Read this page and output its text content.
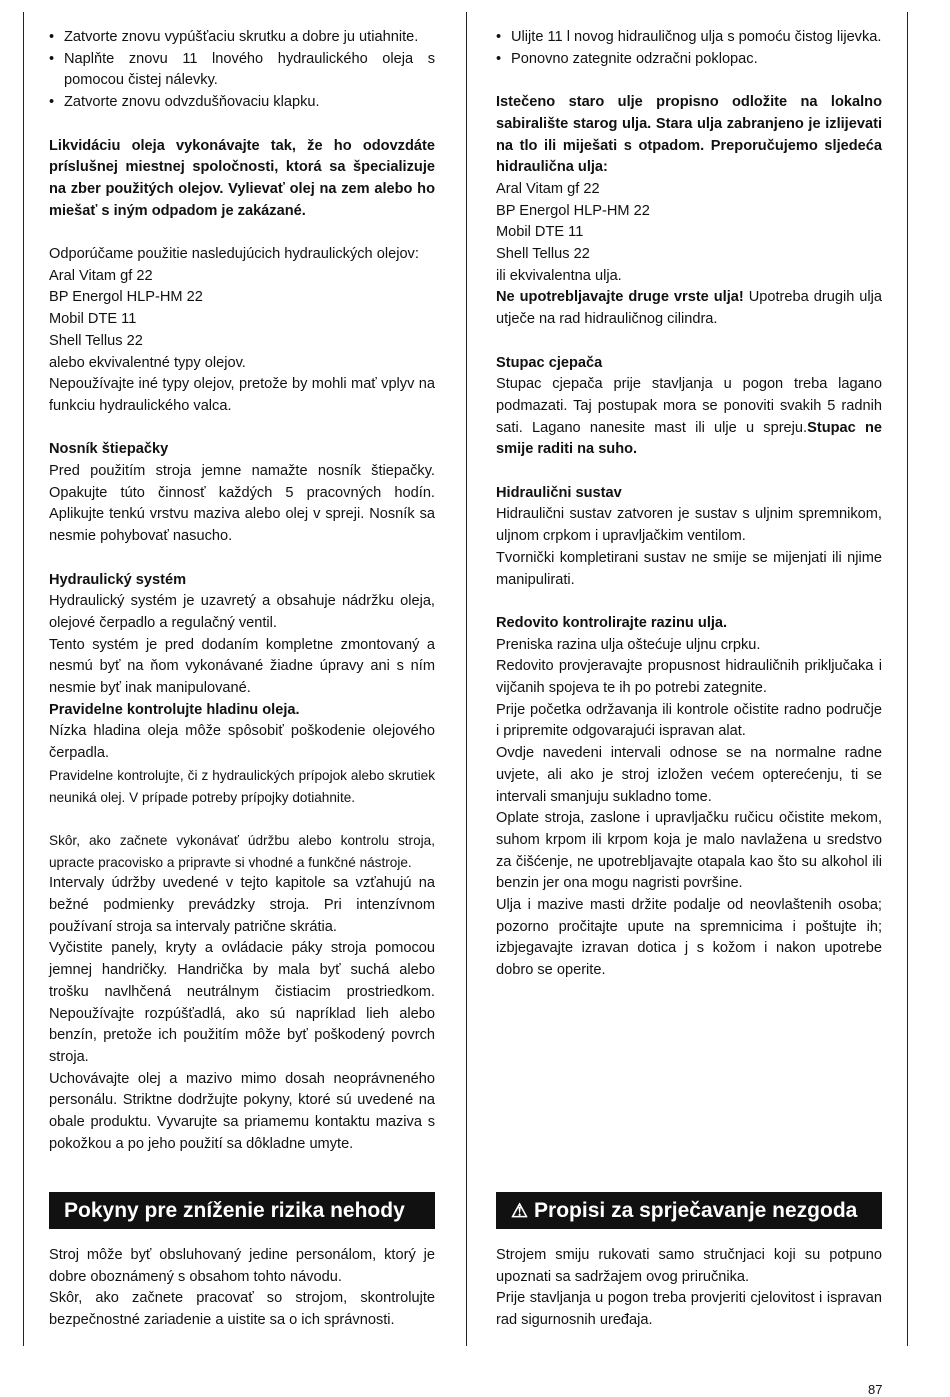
• Zatvorte znovu vypúšťaciu skrutku a dobre ju utiahnite.
• Naplňte znovu 11 lnového hydraulického oleja s pomocou čistej nálevky.
• Zatvorte znovu odvzdušňovaciu klapku.

Likvidáciu oleja vykonávajte tak, že ho odovzdáte príslušnej miestnej spoločnosti, ktorá sa špecializuje na zber použitých olejov. Vylievať olej na zem alebo ho miešať s iným odpadom je zakázané.

Odporúčame použitie nasledujúcich hydraulických olejov:

Aral Vitam gf 22

BP Energol HLP-HM 22

Mobil DTE 11

Shell Tellus 22

alebo ekvivalentné typy olejov.

Nepoužívajte iné typy olejov, pretože by mohli mať vplyv na funkciu hydraulického valca.

Nosník štiepačky

Pred použitím stroja jemne namažte nosník štiepačky. Opakujte túto činnosť každých 5 pracovných hodín. Aplikujte tenkú vrstvu maziva alebo olej v spreji. Nosník sa nesmie pohybovať nasucho.

Hydraulický systém

Hydraulický systém je uzavretý a obsahuje nádržku oleja, olejové čerpadlo a regulačný ventil.

Tento systém je pred dodaním kompletne zmontovaný a nesmú byť na ňom vykonávané žiadne úpravy ani s ním nesmie byť inak manipulované.

Pravidelne kontrolujte hladinu oleja.

Nízka hladina oleja môže spôsobiť poškodenie olejového čerpadla.

Pravidelne kontrolujte, či z hydraulických prípojok alebo skrutiek neuniká olej. V prípade potreby prípojky dotiahnite.

Skôr, ako začnete vykonávať údržbu alebo kontrolu stroja, upracte pracovisko a pripravte si vhodné a funkčné nástroje.

Intervaly údržby uvedené v tejto kapitole sa vzťahujú na bežné podmienky prevádzky stroja. Pri intenzívnom používaní stroja sa intervaly patrične skrátia.

Vyčistite panely, kryty a ovládacie páky stroja pomocou jemnej handričky. Handrička by mala byť suchá alebo trošku navlhčená neutrálnym čistiacim prostriedkom. Nepoužívajte rozpúšťadlá, ako sú napríklad lieh alebo benzín, pretože ich použitím môže byť poškodený povrch stroja.

Uchovávajte olej a mazivo mimo dosah neoprávneného personálu. Striktne dodržujte pokyny, ktoré sú uvedené na obale produktu. Vyvarujte sa priamemu kontaktu maziva s pokožkou a po jeho použití sa dôkladne umyte.

Pokyny pre zníženie rizika nehody

Stroj môže byť obsluhovaný jedine personálom, ktorý je dobre oboznámený s obsahom tohto návodu.

Skôr, ako začnete pracovať so strojom, skontrolujte bezpečnostné zariadenie a uistite sa o ich správnosti.

• Ulijte 11 l novog hidrauličnog ulja s pomoću čistog lijevka.
• Ponovno zategnite odzračni poklopac.

Istečeno staro ulje propisno odložite na lokalno sabiralište starog ulja. Stara ulja zabranjeno je izlijevati na tlo ili miješati s otpadom. Preporučujemo sljedeća hidraulična ulja:

Aral Vitam gf 22

BP Energol HLP-HM 22

Mobil DTE 11

Shell Tellus 22

ili ekvivalentna ulja.

Ne upotrebljavajte druge vrste ulja! Upotreba drugih ulja utječe na rad hidrauličnog cilindra.

Stupac cjepača

Stupac cjepača prije stavljanja u pogon treba lagano podmazati. Taj postupak mora se ponoviti svakih 5 radnih sati. Lagano nanesite mast ili ulje u spreju.Stupac ne smije raditi na suho.

Hidraulični sustav

Hidraulični sustav zatvoren je sustav s uljnim spremnikom, uljnom crpkom i upravljačkim ventilom.

Tvornički kompletirani sustav ne smije se mijenjati ili njime manipulirati.

Redovito kontrolirajte razinu ulja.

Preniska razina ulja oštećuje uljnu crpku.

Redovito provjeravajte propusnost hidrauličnih priključaka i vijčanih spojeva te ih po potrebi zategnite.

Prije početka održavanja ili kontrole očistite radno područje i pripremite odgovarajući ispravan alat.

Ovdje navedeni intervali odnose se na normalne radne uvjete, ali ako je stroj izložen većem opterećenju, ti se intervali smanjuju sukladno tome.

Oplate stroja, zaslone i upravljačku ručicu očistite mekom, suhom krpom ili krpom koja je malo navlažena u sredstvo za čišćenje, ne upotrebljavajte otapala kao što su alkohol ili benzin jer ona mogu nagristi površine.

Ulja i mazive masti držite podalje od neovlaštenih osoba; pozorno pročitajte upute na spremnicima i poštujte ih; izbjegavajte izravan dotica j s kožom i nakon upotrebe dobro se operite.

⚠ Propisi za sprječavanje nezgoda

Strojem smiju rukovati samo stručnjaci koji su potpuno upoznati sa sadržajem ovog priručnika.

Prije stavljanja u pogon treba provjeriti cjelovitost i ispravan rad sigurnosnih uređaja.

87
